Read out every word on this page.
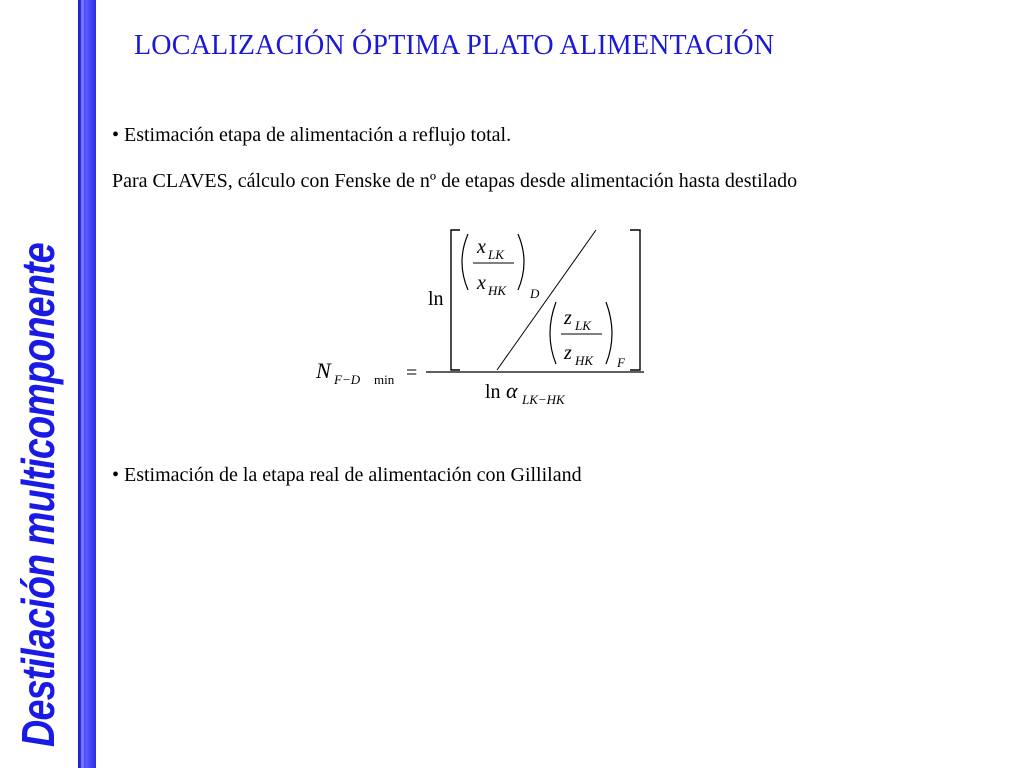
Destilación multicomponente
LOCALIZACIÓN ÓPTIMA PLATO ALIMENTACIÓN
• Estimación etapa de alimentación a reflujo total.
Para CLAVES, cálculo con Fenske de nº de etapas desde alimentación hasta destilado
ln
x LK
x HK D
z LK
z HK F
N F−D min =
ln α LK−HK
• Estimación de la etapa real de alimentación con Gilliland
